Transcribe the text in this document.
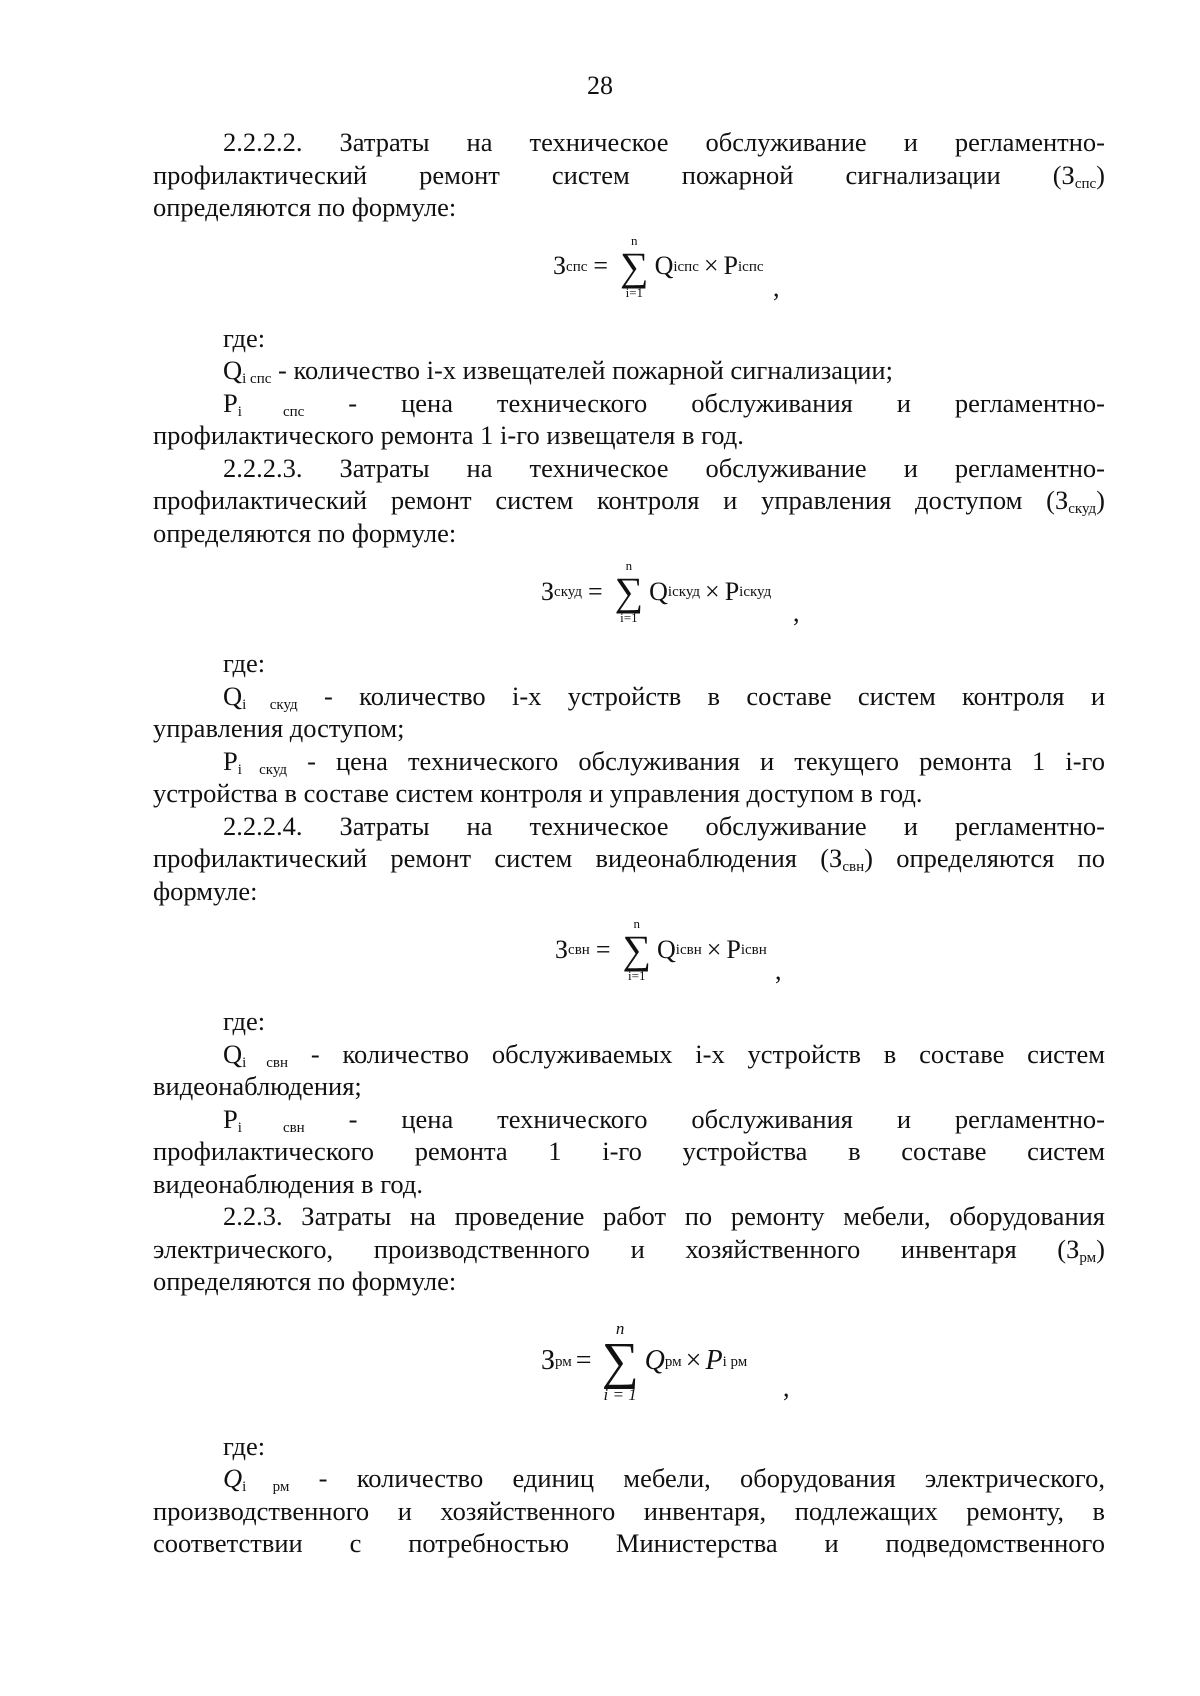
28

2.2.2.2. Затраты на техническое обслуживание и регламентно-

профилактический ремонт систем пожарной сигнализации $(З_{спс})$

определяются по формуле:

З спс =
n
∑
i=1
Q iспс × P iспс
,

где:

$Q_{i спс}$ - количество i-х извещателей пожарной сигнализации;

$P_{i спс}$ - цена технического обслуживания и регламентно-

профилактического ремонта 1 i-го извещателя в год.

2.2.2.3. Затраты на техническое обслуживание и регламентно-

профилактический ремонт систем контроля и управления доступом $(З_{скуд})$

определяются по формуле:

З скуд =
n
∑
i=1
Q iскуд × P iскуд
,

где:

$Q_{i скуд}$ - количество i-х устройств в составе систем контроля и

управления доступом;

$P_{i скуд}$ - цена технического обслуживания и текущего ремонта 1 i-го

устройства в составе систем контроля и управления доступом в год.

2.2.2.4. Затраты на техническое обслуживание и регламентно-

профилактический ремонт систем видеонаблюдения $(З_{свн})$ определяются по

формуле:

З свн =
n
∑
i=1
Q iсвн × P iсвн
,

где:

$Q_{i свн}$ - количество обслуживаемых i-х устройств в составе систем

видеонаблюдения;

$P_{i свн}$ - цена технического обслуживания и регламентно-

профилактического ремонта 1 i-го устройства в составе систем

видеонаблюдения в год.

2.2.3. Затраты на проведение работ по ремонту мебели, оборудования

электрического, производственного и хозяйственного инвентаря $(З_{рм})$

определяются по формуле:

З рм =
n
∑
i = 1
Q рм × P i рм
,

где:

$Q_{i рм}$ - количество единиц мебели, оборудования электрического,

производственного и хозяйственного инвентаря, подлежащих ремонту, в

соответствии с потребностью Министерства и подведомственного
